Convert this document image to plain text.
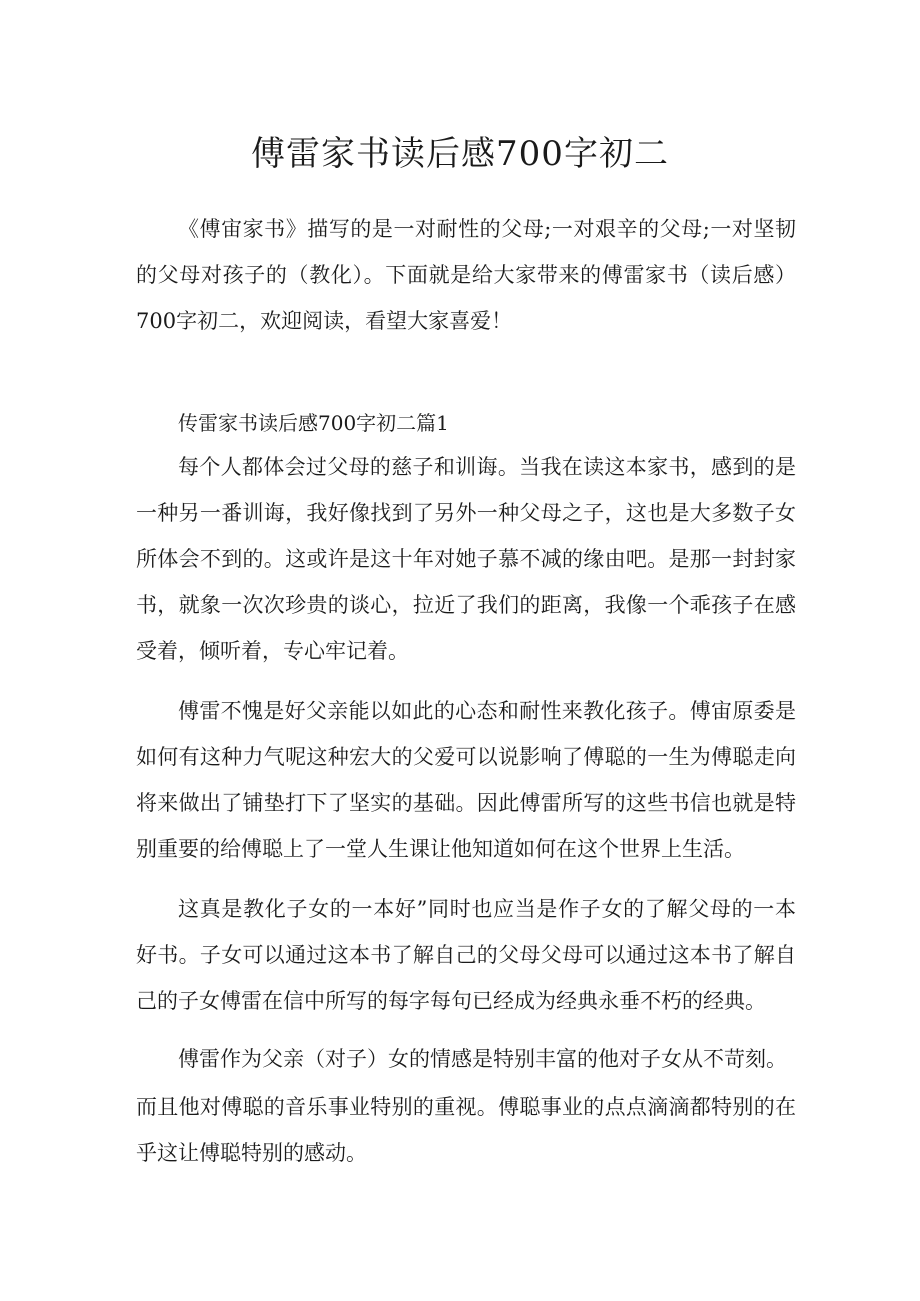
傅雷家书读后感700字初二

《傅宙家书》描写的是一对耐性的父母;一对艰辛的父母;一对坚韧的父母对孩子的（教化）。下面就是给大家带来的傅雷家书（读后感）700字初二，欢迎阅读，看望大家喜爱！

传雷家书读后感700字初二篇1

每个人都体会过父母的慈子和训诲。当我在读这本家书，感到的是一种另一番训诲，我好像找到了另外一种父母之子，这也是大多数子女所体会不到的。这或许是这十年对她子慕不减的缘由吧。是那一封封家书，就象一次次珍贵的谈心，拉近了我们的距离，我像一个乖孩子在感受着，倾听着，专心牢记着。

傅雷不愧是好父亲能以如此的心态和耐性来教化孩子。傅宙原委是如何有这种力气呢这种宏大的父爱可以说影响了傅聪的一生为傅聪走向将来做出了铺垫打下了坚实的基础。因此傅雷所写的这些书信也就是特别重要的给傅聪上了一堂人生课让他知道如何在这个世界上生活。

这真是教化子女的一本好”同时也应当是作子女的了解父母的一本好书。子女可以通过这本书了解自己的父母父母可以通过这本书了解自己的子女傅雷在信中所写的每字每句已经成为经典永垂不朽的经典。

傅雷作为父亲（对子）女的情感是特别丰富的他对子女从不苛刻。

而且他对傅聪的音乐事业特别的重视。傅聪事业的点点滴滴都特别的在乎这让傅聪特别的感动。
